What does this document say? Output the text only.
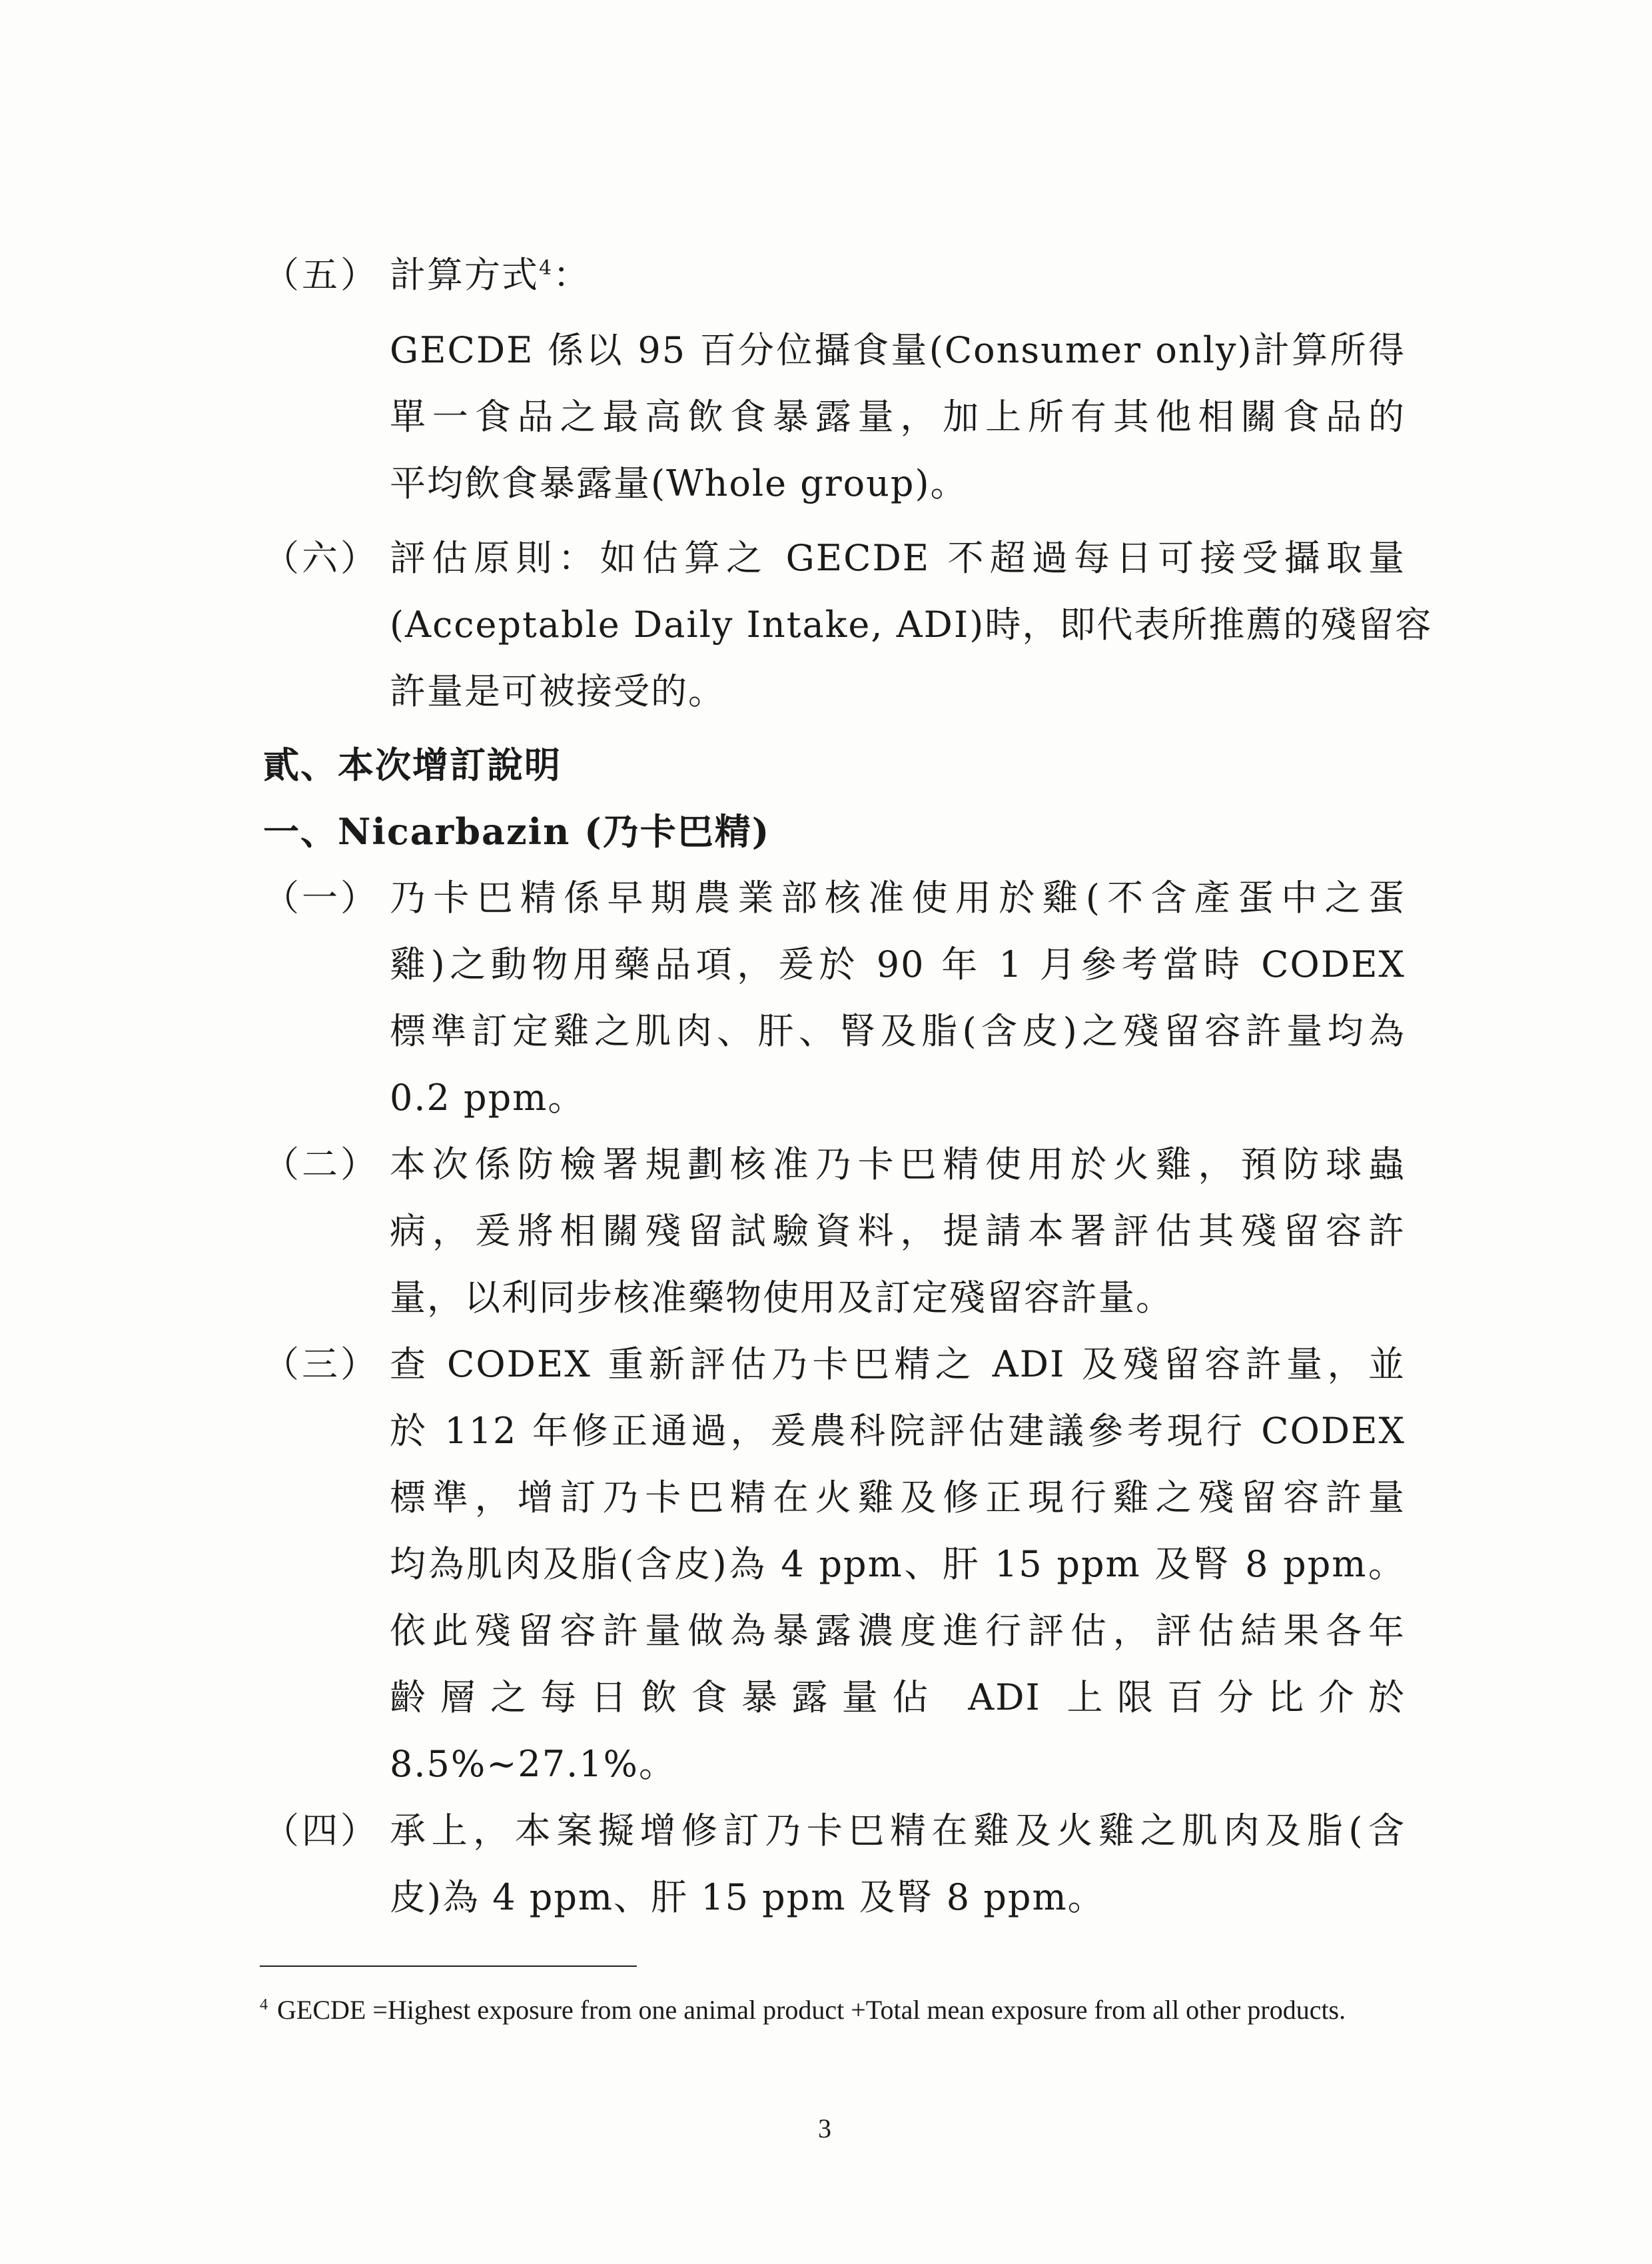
（五） 計算方式$^4$：
GECDE 係以 95 百分位攝食量(Consumer only)計算所得
單一食品之最高飲食暴露量，加上所有其他相關食品的
平均飲食暴露量(Whole group)。
（六） 評估原則：如估算之 GECDE 不超過每日可接受攝取量
(Acceptable Daily Intake, ADI)時，即代表所推薦的殘留容
許量是可被接受的。
貳、本次增訂說明
一、Nicarbazin (乃卡巴精)
（一） 乃卡巴精係早期農業部核准使用於雞(不含產蛋中之蛋
雞)之動物用藥品項，爰於 90 年 1 月參考當時 CODEX
標準訂定雞之肌肉、肝、腎及脂(含皮)之殘留容許量均為
0.2 ppm。
（二） 本次係防檢署規劃核准乃卡巴精使用於火雞，預防球蟲
病，爰將相關殘留試驗資料，提請本署評估其殘留容許
量，以利同步核准藥物使用及訂定殘留容許量。
（三） 查 CODEX 重新評估乃卡巴精之 ADI 及殘留容許量，並
於 112 年修正通過，爰農科院評估建議參考現行 CODEX
標準，增訂乃卡巴精在火雞及修正現行雞之殘留容許量
均為肌肉及脂(含皮)為 4 ppm、肝 15 ppm 及腎 8 ppm。
依此殘留容許量做為暴露濃度進行評估，評估結果各年
齡層之每日飲食暴露量佔 ADI 上限百分比介於
8.5%~27.1%。
（四） 承上，本案擬增修訂乃卡巴精在雞及火雞之肌肉及脂(含
皮)為 4 ppm、肝 15 ppm 及腎 8 ppm。
$^4$ GECDE =Highest exposure from one animal product +Total mean exposure from all other products.
3
